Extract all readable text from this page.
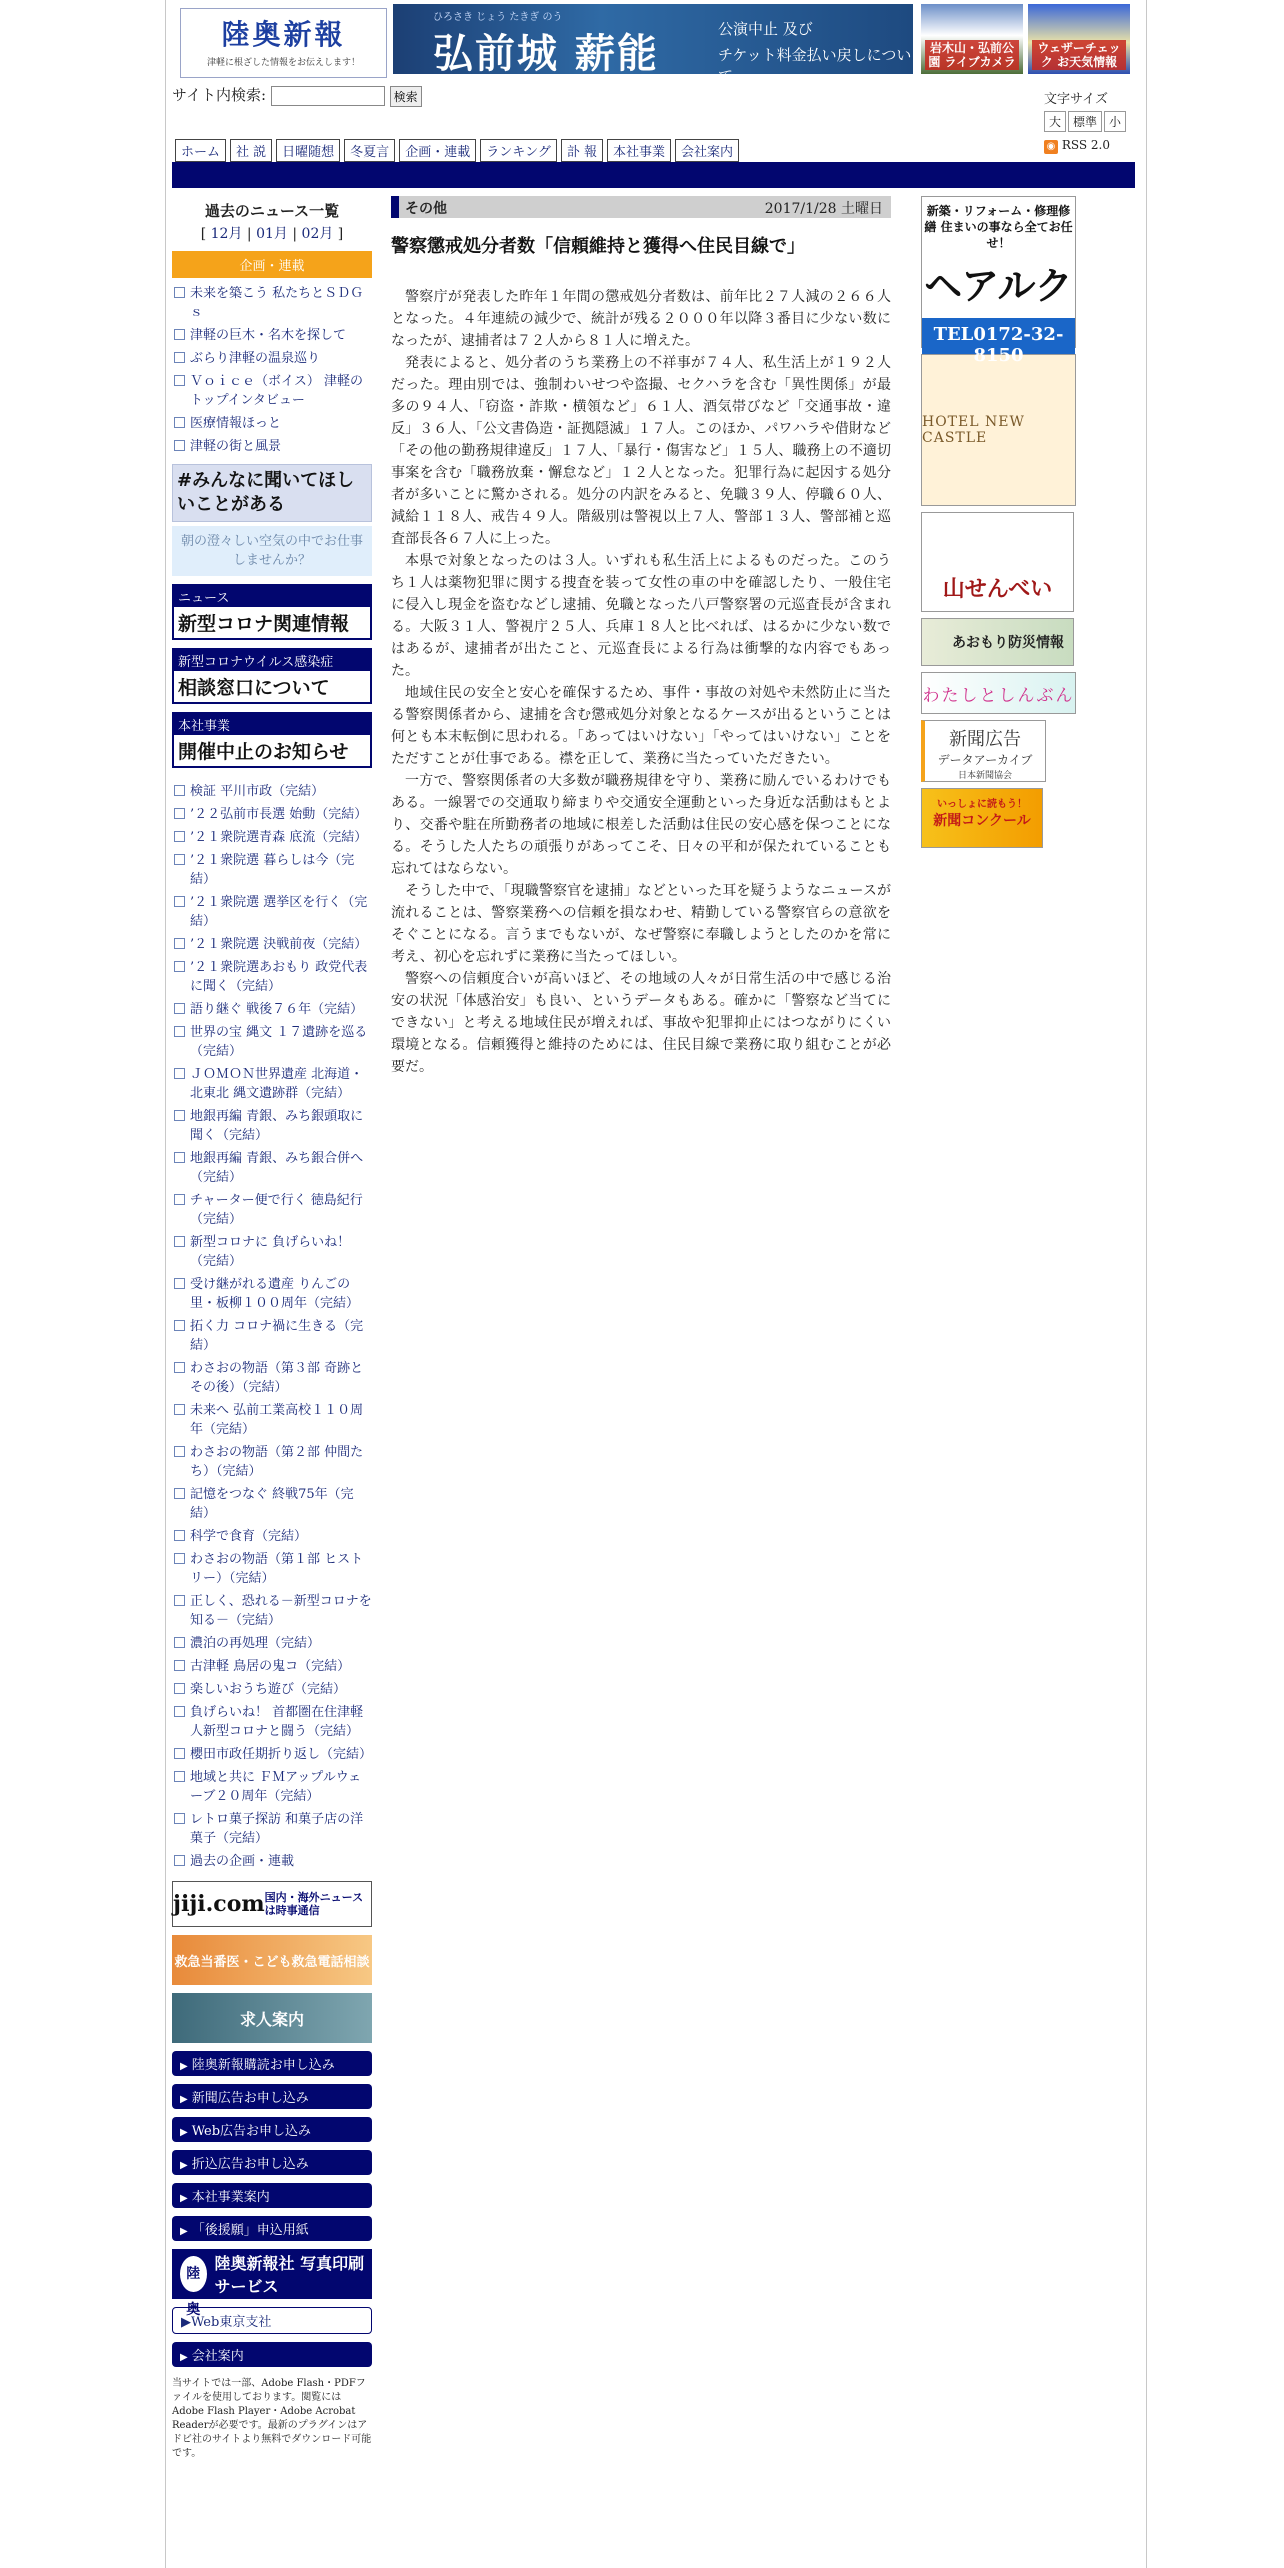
陸奥新報
津軽に根ざした情報をお伝えします！
ひろさき じょう たきぎ のう
弘前城 薪能
公演中止 及び
チケット料金払い戻しについて
岩木山・弘前公園 ライブカメラ
ウェザーチェック お天気情報
サイト内検索:	検索	文字サイズ
大 標準 小
◉ RSS 2.0
ホーム 社 説 日曜随想 冬夏言 企画・連載 ランキング 訃 報 本社事業 会社案内
過去のニュース一覧
[ 12月 | 01月 | 02月 ]
企画・連載
未来を築こう 私たちとＳＤＧｓ
津軽の巨木・名木を探して
ぶらり津軽の温泉巡り
Ｖｏｉｃｅ（ボイス） 津軽のトップインタビュー
医療情報ほっと
津軽の街と風景
#みんなに聞いてほしいことがある
朝の澄々しい空気の中でお仕事しませんか？
ニュース
新型コロナ関連情報
新型コロナウイルス感染症
相談窓口について
本社事業
開催中止のお知らせ
検証 平川市政（完結）
’２２弘前市長選 始動（完結）
’２１衆院選青森 底流（完結）
’２１衆院選 暮らしは今（完結）
’２１衆院選 選挙区を行く（完結）
’２１衆院選 決戦前夜（完結）
’２１衆院選あおもり 政党代表に聞く（完結）
語り継ぐ 戦後７６年（完結）
世界の宝 縄文 １７遺跡を巡る（完結）
ＪＯＭＯＮ世界遺産 北海道・北東北 縄文遺跡群（完結）
地銀再編 青銀、みち銀頭取に聞く（完結）
地銀再編 青銀、みち銀合併へ（完結）
チャーター便で行く 徳島紀行（完結）
新型コロナに 負げらいね！（完結）
受け継がれる遺産 りんごの里・板柳１００周年（完結）
拓く力 コロナ禍に生きる（完結）
わさおの物語（第３部 奇跡とその後）（完結）
未来へ 弘前工業高校１１０周年（完結）
わさおの物語（第２部 仲間たち）（完結）
記憶をつなぐ 終戦75年（完結）
科学で食育（完結）
わさおの物語（第１部 ヒストリー）（完結）
正しく、恐れる－新型コロナを知る－（完結）
濃泊の再処理（完結）
古津軽 鳥居の鬼コ（完結）
楽しいおうち遊び（完結）
負げらいね！ 首都圏在住津軽人新型コロナと闘う（完結）
櫻田市政任期折り返し（完結）
地域と共に ＦＭアップルウェーブ２０周年（完結）
レトロ菓子探訪 和菓子店の洋菓子（完結）
過去の企画・連載
jiji.com 国内・海外ニュースは時事通信
救急当番医・こども救急電話相談
求人案内
▶ 陸奥新報購読お申し込み
▶ 新聞広告お申し込み
▶ Web広告お申し込み
▶ 折込広告お申し込み
▶ 本社事業案内
▶ 「後援願」申込用紙
陸奥
陸奥新報社 写真印刷サービス
▶Web東京支社
▶ 会社案内
当サイトでは一部、Adobe Flash・PDFファイルを使用しております。閲覧にはAdobe Flash Player・Adobe Acrobat Readerが必要です。最新のプラグインはアドビ社のサイトより無料でダウンロード可能です。
その他	2017/1/28 土曜日
警察懲戒処分者数「信頼維持と獲得へ住民目線で」

警察庁が発表した昨年１年間の懲戒処分者数は、前年比２７人減の２６６人となった。４年連続の減少で、統計が残る２０００年以降３番目に少ない数になったが、逮捕者は７２人から８１人に増えた。

発表によると、処分者のうち業務上の不祥事が７４人、私生活上が１９２人だった。理由別では、強制わいせつや盗撮、セクハラを含む「異性関係」が最多の９４人、「窃盗・詐欺・横領など」６１人、酒気帯びなど「交通事故・違反」３６人、「公文書偽造・証拠隠滅」１７人。このほか、パワハラや借財など「その他の勤務規律違反」１７人、「暴行・傷害など」１５人、職務上の不適切事案を含む「職務放棄・懈怠など」１２人となった。犯罪行為に起因する処分者が多いことに驚かされる。処分の内訳をみると、免職３９人、停職６０人、減給１１８人、戒告４９人。階級別は警視以上７人、警部１３人、警部補と巡査部長各６７人に上った。

本県で対象となったのは３人。いずれも私生活上によるものだった。このうち１人は薬物犯罪に関する捜査を装って女性の車の中を確認したり、一般住宅に侵入し現金を盗むなどし逮捕、免職となった八戸警察署の元巡査長が含まれる。大阪３１人、警視庁２５人、兵庫１８人と比べれば、はるかに少ない数ではあるが、逮捕者が出たこと、元巡査長による行為は衝撃的な内容でもあった。

地域住民の安全と安心を確保するため、事件・事故の対処や未然防止に当たる警察関係者から、逮捕を含む懲戒処分対象となるケースが出るということは何とも本末転倒に思われる。「あってはいけない」「やってはいけない」ことをただすことが仕事である。襟を正して、業務に当たっていただきたい。

一方で、警察関係者の大多数が職務規律を守り、業務に励んでいるわけでもある。一線署での交通取り締まりや交通安全運動といった身近な活動はもとより、交番や駐在所勤務者の地域に根差した活動は住民の安心感を保つことになる。そうした人たちの頑張りがあってこそ、日々の平和が保たれていることも忘れてはならない。

そうした中で、「現職警察官を逮捕」などといった耳を疑うようなニュースが流れることは、警察業務への信頼を損なわせ、精勤している警察官らの意欲をそぐことになる。言うまでもないが、なぜ警察に奉職しようとしたのかを常に考え、初心を忘れずに業務に当たってほしい。

警察への信頼度合いが高いほど、その地域の人々が日常生活の中で感じる治安の状況「体感治安」も良い、というデータもある。確かに「警察など当てにできない」と考える地域住民が増えれば、事故や犯罪抑止にはつながりにくい環境となる。信頼獲得と維持のためには、住民目線で業務に取り組むことが必要だ。

新築・リフォーム・修理修繕 住まいの事なら全てお任せ！
ヘアルク
TEL0172-32-8150
HOTEL NEW CASTLE
山せんべい
あおもり防災情報
わたしとしんぶん
新聞広告
データアーカイブ
日本新聞協会
いっしょに読もう！
新聞コンクール
